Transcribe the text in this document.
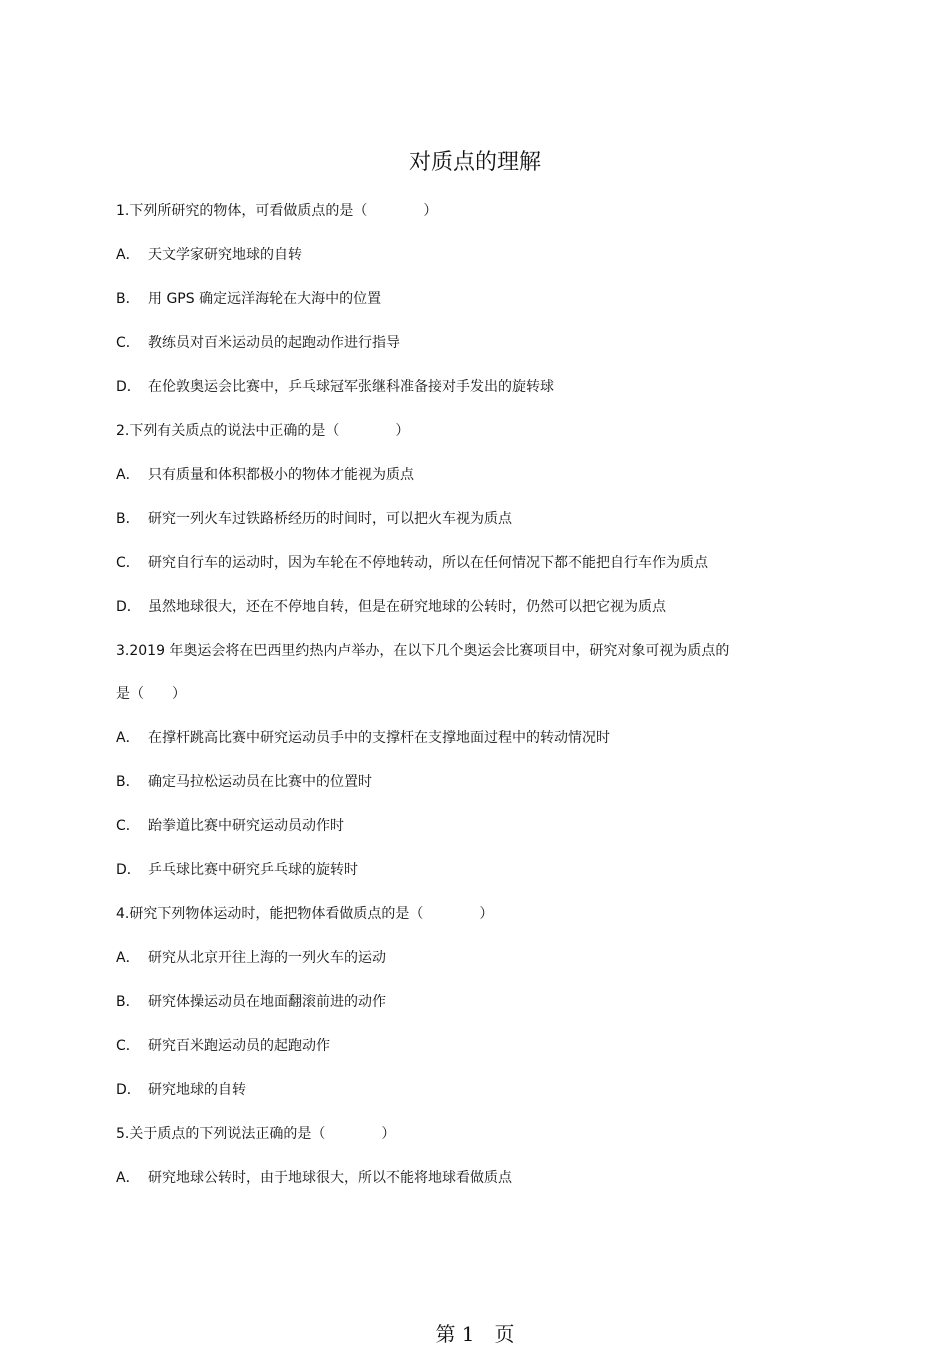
对质点的理解
1.下列所研究的物体，可看做质点的是（　　　　）
A． 天文学家研究地球的自转
B． 用 GPS 确定远洋海轮在大海中的位置
C． 教练员对百米运动员的起跑动作进行指导
D． 在伦敦奥运会比赛中，乒乓球冠军张继科准备接对手发出的旋转球
2.下列有关质点的说法中正确的是（　　　　）
A． 只有质量和体积都极小的物体才能视为质点
B． 研究一列火车过铁路桥经历的时间时，可以把火车视为质点
C． 研究自行车的运动时，因为车轮在不停地转动，所以在任何情况下都不能把自行车作为质点
D． 虽然地球很大，还在不停地自转，但是在研究地球的公转时，仍然可以把它视为质点
3.2019 年奥运会将在巴西里约热内卢举办，在以下几个奥运会比赛项目中，研究对象可视为质点的
是（　　）
A． 在撑杆跳高比赛中研究运动员手中的支撑杆在支撑地面过程中的转动情况时
B． 确定马拉松运动员在比赛中的位置时
C． 跆拳道比赛中研究运动员动作时
D． 乒乓球比赛中研究乒乓球的旋转时
4.研究下列物体运动时，能把物体看做质点的是（　　　　）
A． 研究从北京开往上海的一列火车的运动
B． 研究体操运动员在地面翻滚前进的动作
C． 研究百米跑运动员的起跑动作
D． 研究地球的自转
5.关于质点的下列说法正确的是（　　　　）
A． 研究地球公转时，由于地球很大，所以不能将地球看做质点
第 1　页
